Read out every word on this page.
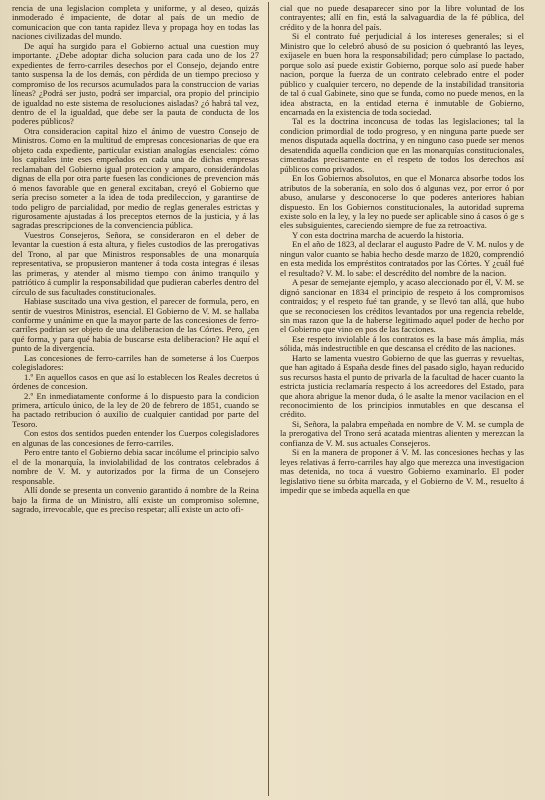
rencia de una legislacion completa y uniforme, y al deseo, quizás inmoderado é impaciente, de dotar al país de un medio de comunicacion que con tanta rapidez lleva y propaga hoy en todas las naciones civilizadas del mundo.

De aquí ha surgido para el Gobierno actual una cuestion muy importante. ¿Debe adoptar dicha solucion para cada uno de los 27 expedientes de ferro-carriles desechos por el Consejo, dejando entre tanto suspensa la de los demás, con pérdida de un tiempo precioso y compromiso de los recursos acumulados para la construccion de varias líneas? ¿Podrá ser justo, podrá ser imparcial, ora propio del principio de igualdad no este sistema de resoluciones aisladas? ¿ó habrá tal vez, dentro de el la igualdad, que debe ser la pauta de conducta de los poderes públicos?

Otra consideracion capital hizo el ánimo de vuestro Consejo de Ministros. Como en la multitud de empresas concesionarias de que era objeto cada expediente, particular existian analogías esenciales: cómo los capitales inte eses empeñados en cada una de dichas empresas reclamaban del Gobierno igual proteccion y amparo, considerándolas dignas de ella por otra parte fuesen las condiciones de prevencion más ó menos favorable que en general excitaban, creyó el Gobierno que sería preciso someter a la idea de toda predileccion, y garantirse de todo peligro de parcialidad, por medio de reglas generales estrictas y rigurosamente ajustadas á los preceptos eternos de la justicia, y á las sagradas prescripciones de la convenciencia pública.

Vuestros Consejeros, Señora, se consideraron en el deber de levantar la cuestion á esta altura, y fieles custodios de las prerogativas del Trono, al par que Ministros responsables de una monarquía representativa, se propusieron mantener á toda costa integras é ilesas las primeras, y atender al mismo tiempo con ánimo tranquilo y patriótico á cumplir la responsabilidad que pudieran caberles dentro del círculo de sus facultades constitucionales.

Habiase suscitado una viva gestion, el parecer de formula, pero, en sentir de vuestros Ministros, esencial. El Gobierno de V. M. se hallaba conforme y unánime en que la mayor parte de las concesiones de ferro-carriles podrian ser objeto de una deliberacion de las Córtes. Pero, ¿en qué forma, y para qué habia de buscarse esta deliberacion? He aquí el punto de la divergencia.

Las concesiones de ferro-carriles han de someterse á los Cuerpos colegisladores:

1.º En aquellos casos en que así lo establecen los Reales decretos ú órdenes de concesion.

2.º En inmediatamente conforme á lo dispuesto para la condicion primera, artículo único, de la ley de 20 de febrero de 1851, cuando se ha pactado retribucion ó auxilio de cualquier cantidad por parte del Tesoro.

Con estos dos sentidos pueden entender los Cuerpos colegisladores en algunas de las concesiones de ferro-carriles.

Pero entre tanto el Gobierno debia sacar incólume el principio salvo el de la monarquía, la inviolabilidad de los contratos celebrados á nombre de V. M. y autorizados por la firma de un Consejero responsable.

Allí donde se presenta un convenio garantido á nombre de la Reina bajo la firma de un Ministro, allí existe un compromiso solemne, sagrado, irrevocable, que es preciso respetar; allí existe un acto ofi-

cial que no puede desaparecer sino por la libre voluntad de los contrayentes; allí en fin, está la salvaguardia de la fé pública, del crédito y de la honra del país.

Si el contrato fué perjudicial á los intereses generales; si el Ministro que lo celebró abusó de su posicion ó quebrantó las leyes, exíjasele en buen hora la responsabilidad; pero cúmplase lo pactado, porque solo así puede existir Gobierno, porque solo así puede haber nacion, porque la fuerza de un contrato celebrado entre el poder público y cualquier tercero, no depende de la instabilidad transitoria de tal ó cual Gabinete, sino que se funda, como no puede menos, en la idea abstracta, en la entidad eterna é inmutable de Gobierno, encarnada en la existencia de toda sociedad.

Tal es la doctrina inconcusa de todas las legislaciones; tal la condicion primordial de todo progreso, y en ninguna parte puede ser menos disputada aquella doctrina, y en ninguno caso puede ser menos desatendida aquella condicion que en las monarquías constitucionales, cimentadas precisamente en el respeto de todos los derechos así públicos como privados.

En los Gobiernos absolutos, en que el Monarca absorbe todos los atributos de la soberanía, en solo dos ó algunas vez, por error ó por abuso, anularse y desconocerse lo que poderes anteriores habian dispuesto. En los Gobiernos constitucionales, la autoridad suprema existe solo en la ley, y la ley no puede ser aplicable sino á casos ó ge s eles subsiguientes, careciendo siempre de fue za retroactiva.

Y con esta doctrina marcha de acuerdo la historia.

En el año de 1823, al declarar el augusto Padre de V. M. nulos y de ningun valor cuanto se habia hecho desde marzo de 1820, comprendió en esta medida los empréstitos contratados por las Córtes. Y ¿cuál fué el resultado? V. M. lo sabe: el descrédito del nombre de la nacion.

A pesar de semejante ejemplo, y acaso aleccionado por él, V. M. se dignó sancionar en 1834 el principio de respeto á los compromisos contraidos; y el respeto fué tan grande, y se llevó tan allá, que hubo que se reconociesen los créditos levantados por una regencia rebelde, sin mas razon que la de haberse legitimado aquel poder de hecho por el Gobierno que vino en pos de las facciones.

Ese respeto inviolable á los contratos es la base más ámplia, más sólida, más indestructible en que descansa el crédito de las naciones.

Harto se lamenta vuestro Gobierno de que las guerras y revueltas, que han agitado á España desde fines del pasado siglo, hayan reducido sus recursos hasta el punto de privarla de la facultad de hacer cuanto la estricta justicia reclamaría respecto á los acreedores del Estado, para que ahora abrigue la menor duda, ó le asalte la menor vacilacion en el reconocimiento de los principios inmutables en que descansa el crédito.

Si, Señora, la palabra empeñada en nombre de V. M. se cumpla de la prerogativa del Trono será acatada mientras alienten y merezcan la confianza de V. M. sus actuales Consejeros.

Si en la manera de proponer á V. M. las concesiones hechas y las leyes relativas á ferro-carriles hay algo que merezca una investigacion mas detenida, no toca á vuestro Gobierno examinarlo. El poder legislativo tiene su órbita marcada, y el Gobierno de V. M., resuelto á impedir que se imbeda aquella en que
